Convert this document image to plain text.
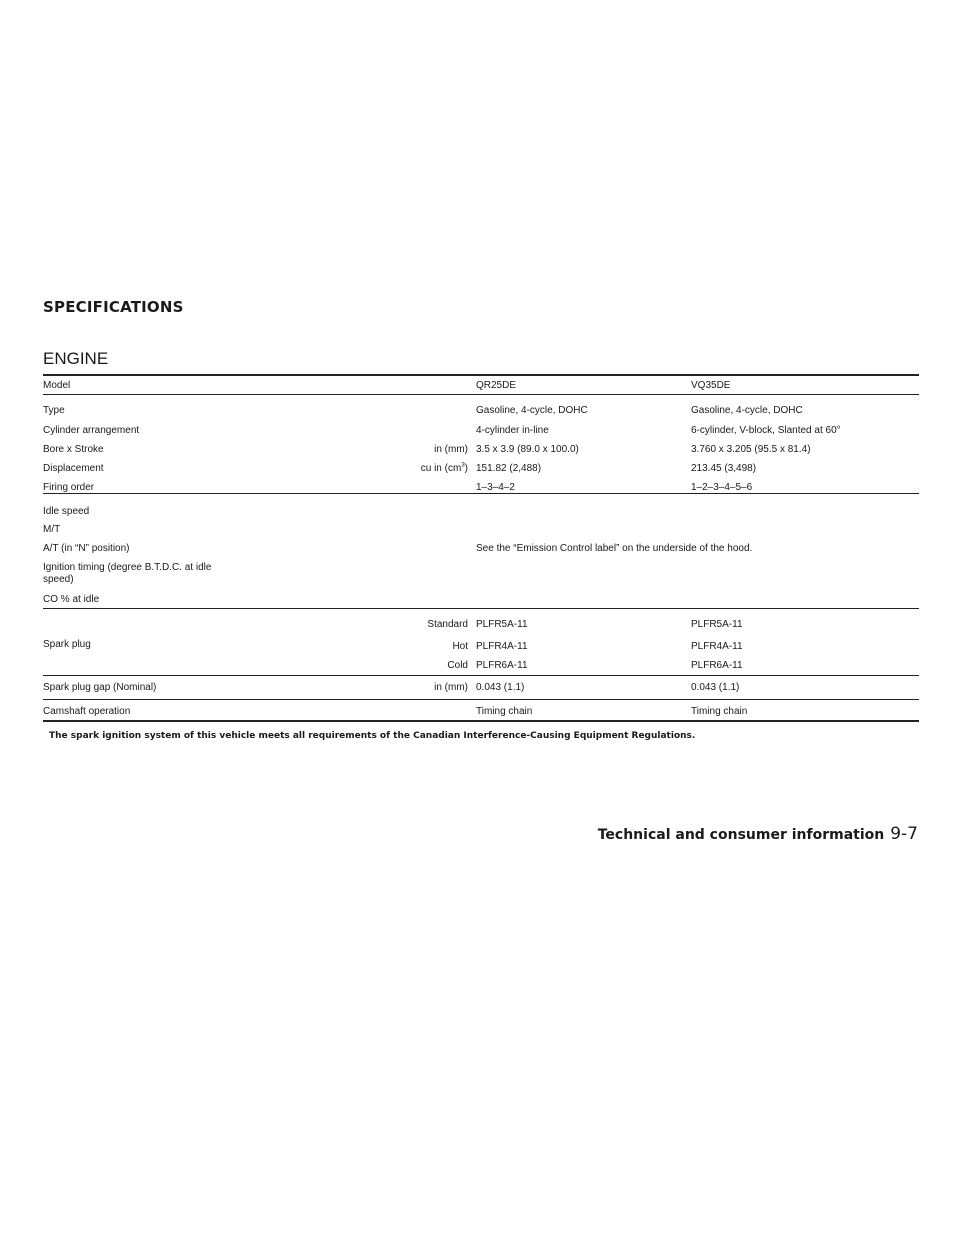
SPECIFICATIONS
ENGINE
Model	QR25DE	VQ35DE
Type	Gasoline, 4-cycle, DOHC	Gasoline, 4-cycle, DOHC
Cylinder arrangement	4-cylinder in-line	6-cylinder, V-block, Slanted at 60°
Bore x Stroke	in (mm) 3.5 x 3.9 (89.0 x 100.0)	3.760 x 3.205 (95.5 x 81.4)
Displacement	cu in $(cm^3)$ 151.82 (2,488)	213.45 (3,498)
Firing order	1–3–4–2	1–2–3–4–5–6
Idle speed
M/T
A/T (in “N” position)
Ignition timing (degree B.T.D.C. at idle speed)
CO % at idle
See the “Emission Control label” on the underside of the hood.
Spark plug
Standard PLFR5A-11	PLFR5A-11
Hot PLFR4A-11	PLFR4A-11
Cold PLFR6A-11	PLFR6A-11
Spark plug gap (Nominal)	in (mm) 0.043 (1.1)	0.043 (1.1)
Camshaft operation	Timing chain	Timing chain

The spark ignition system of this vehicle meets all requirements of the Canadian Interference-Causing Equipment Regulations.

Technical and consumer information 9-7
